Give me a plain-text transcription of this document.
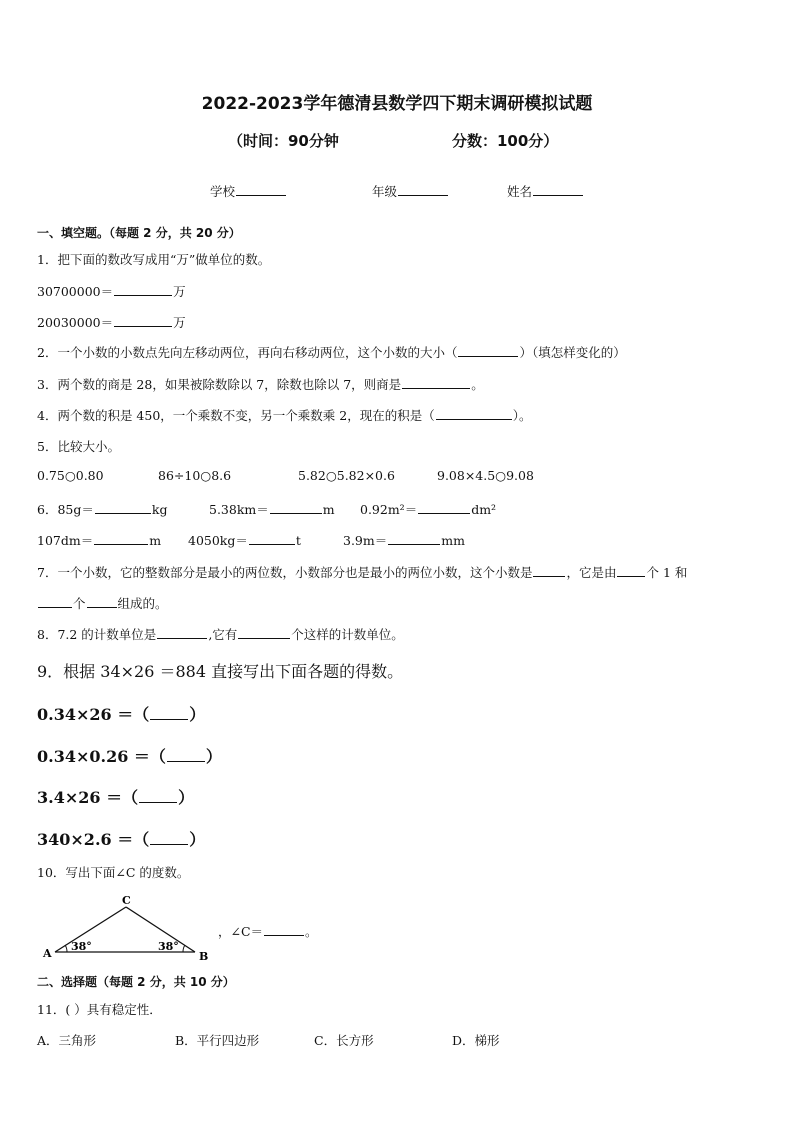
2022-2023学年德清县数学四下期末调研模拟试题
（时间：90分钟	分数：100分）
学校	年级	姓名
一、填空题。（每题 2 分，共 20 分）
1．把下面的数改写成用“万”做单位的数。
30700000＝	万
20030000＝	万
2．一个小数的小数点先向左移动两位，再向右移动两位，这个小数的大小（	）（填怎样变化的）
3．两个数的商是 28，如果被除数除以 7，除数也除以 7，则商是	。
4．两个数的积是 450，一个乘数不变，另一个乘数乘 2，现在的积是（	）。
5．比较大小。
0.75○0.80	86÷10○8.6	5.82○5.82×0.6	9.08×4.5○9.08
6．85g＝	kg	5.38km＝	m 0.92m²＝	dm²
107dm＝	m 4050kg＝	t	3.9m＝	mm
7．一个小数，它的整数部分是最小的两位数，小数部分也是最小的两位小数，这个小数是	，它是由 个 1 和
个	组成的。
8．7.2 的计数单位是	,它有	个这样的计数单位。
9．根据 34×26 ＝884 直接写出下面各题的得数。
0.34×26 ＝（	）
0.34×0.26 ＝（	）
3.4×26 ＝（	）
340×2.6 ＝（	）
10．写出下面∠C 的度数。
C
A	B
38°	38°
，∠C＝	。
二、选择题（每题 2 分，共 10 分）
11．( ）具有稳定性．
A．三角形	B．平行四边形	C．长方形	D．梯形
